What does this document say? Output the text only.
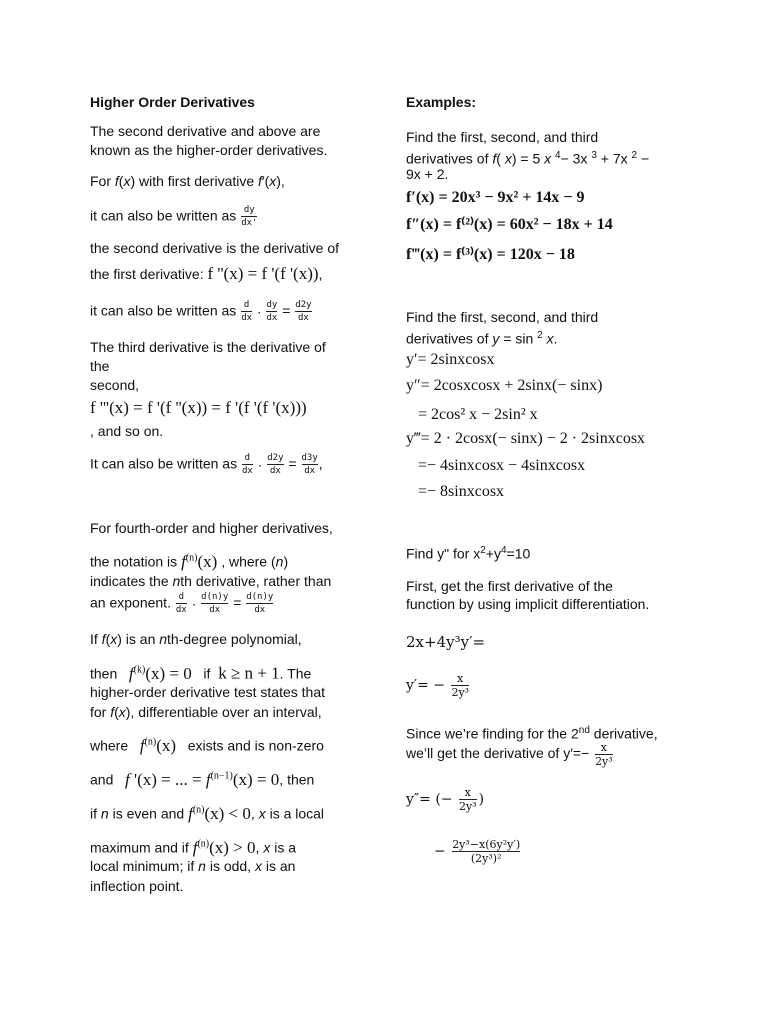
Higher Order Derivatives

The second derivative and above are known as the higher-order derivatives.

For f(x) with first derivative f′(x),

it can also be written as $\frac{dy}{dx'}$

the second derivative is the derivative of

the first derivative: f ''(x) = f '(f '(x)),

it can also be written as $\frac{d}{dx} \cdot \frac{dy}{dx} = \frac{d2y}{dx}$

The third derivative is the derivative of

the

second,

f '''(x) = f '(f ''(x)) = f '(f '(f '(x)))

, and so on.

It can also be written as $\frac{d}{dx} \cdot \frac{d2y}{dx} = \frac{d3y}{dx}$ ,

For fourth-order and higher derivatives,

the notation is $f^{(n)}(x)$ , where (n)

indicates the nth derivative, rather than

an exponent. $\frac{d}{dx} \cdot \frac{d(n)y}{dx} = \frac{d(n)y}{dx}$

If f(x) is an nth-degree polynomial,

then $f^{(k)}(x) = 0$ if k ≥ n + 1. The

higher-order derivative test states that

for f(x), differentiable over an interval,

where $f^{(n)}(x)$ exists and is non-zero

and f '(x) = ... = $f^{(n-1)}(x) = 0$, then

if n is even and $f^{(n)}(x) < 0$, x is a local

maximum and if $f^{(n)}(x) > 0$, x is a

local minimum; if n is odd, x is an

inflection point.

Examples:

Find the first, second, and third

derivatives of f( x) = 5 x $^4$− 3x $^3$ + 7x $^2$ −

9x + 2.

f′(x) = 20x³ − 9x² + 14x − 9

f″(x) = f⁽²⁾(x) = 60x² − 18x + 14

f‴(x) = f⁽³⁾(x) = 120x − 18

Find the first, second, and third

derivatives of y = sin $^2$ x.

y′= 2sinxcosx

y″= 2cosxcosx + 2sinx(− sinx)

= 2cos² x − 2sin² x

y‴= 2 · 2cosx(− sinx) − 2 · 2sinxcosx

=− 4sinxcosx − 4sinxcosx

=− 8sinxcosx

Find y" for $x^2+y^4=10$

First, get the first derivative of the

function by using implicit differentiation.

2x+4y³y′=

$y'= - \frac{x}{\text{2y³}}$

Since we’re finding for the 2nd derivative,

we’ll get the derivative of $y'=- \frac{x}{\text{2y³}}$

y″= (− $\frac{x}{\text{2y³}}$ )

− $\frac{\text{2y³−x(6y²y′)}}{\text{(2y³)²}}$
